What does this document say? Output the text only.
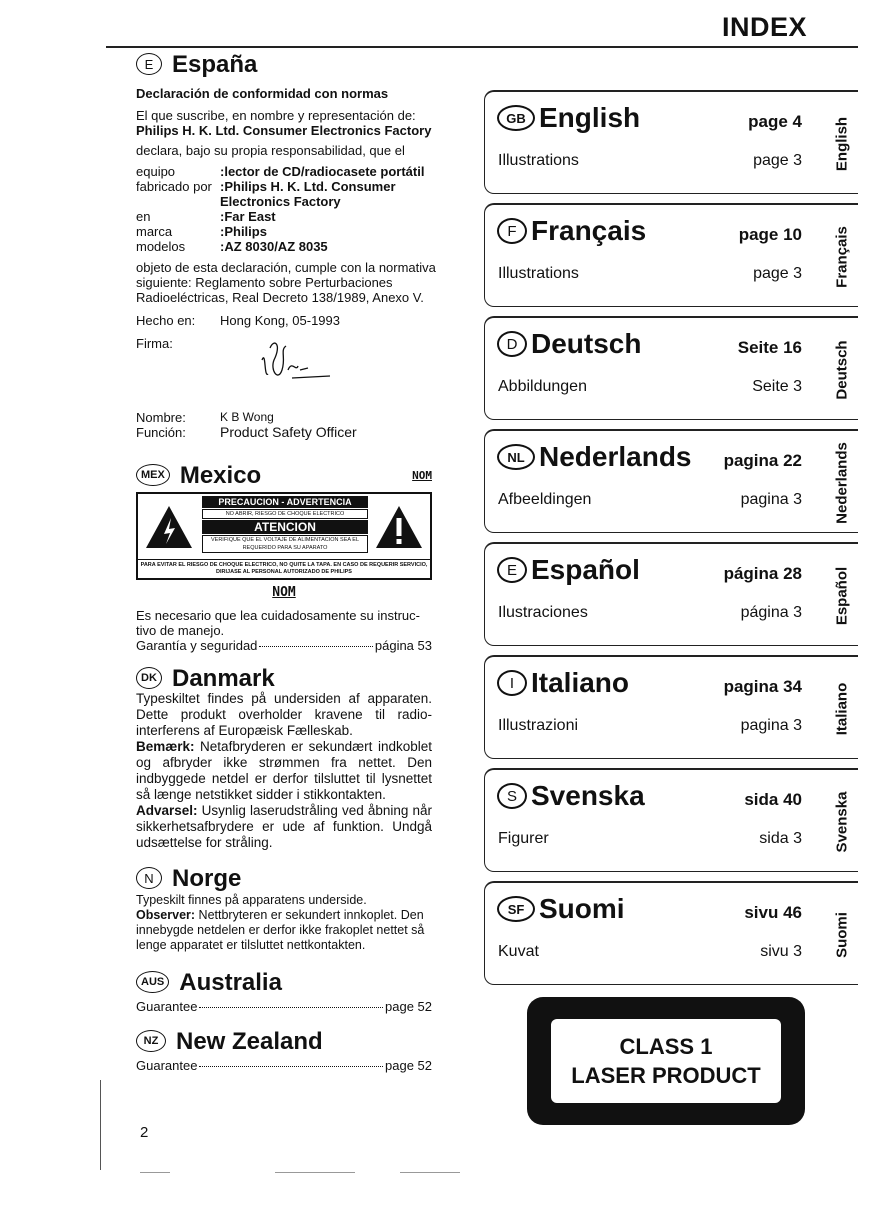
INDEX
E España
Declaración de conformidad con normas
El que suscribe, en nombre y representación de:
Philips H. K. Ltd. Consumer Electronics Factory
declara, bajo su propia responsabilidad, que el
equipo	:lector de CD/radiocasete portátil
fabricado por :Philips H. K. Ltd. Consumer
Electronics Factory
en	:Far East
marca	:Philips
modelos	:AZ 8030/AZ 8035
objeto de esta declaración, cumple con la normativa
siguiente: Reglamento sobre Perturbaciones
Radioeléctricas, Real Decreto 138/1989, Anexo V.
Hecho en:	Hong Kong, 05-1993
Firma:
Nombre:	K B Wong
Función:	Product Safety Officer
MEX Mexico	NOM
PRECAUCION - ADVERTENCIA
NO ABRIR, RIESGO DE CHOQUE ELECTRICO
ATENCION
VERIFIQUE QUE EL VOLTAJE DE ALIMENTACION SEA EL REQUERIDO PARA SU APARATO
PARA EVITAR EL RIESGO DE CHOQUE ELECTRICO, NO QUITE LA TAPA. EN CASO DE REQUERIR SERVICIO, DIRIJASE AL PERSONAL AUTORIZADO DE PHILIPS
NOM
Es necesario que lea cuidadosamente su instruc-
tivo de manejo.
Garantía y seguridad	página 53
DK Danmark
Typeskiltet findes på undersiden af apparaten. Dette produkt overholder kravene til radio-interferens af Europæisk Fælleskab.
Bemærk: Netafbryderen er sekundært indkoblet og afbryder ikke strømmen fra nettet. Den indbyggede netdel er derfor tilsluttet til lysnettet så længe netstikket sidder i stikkontakten.
Advarsel: Usynlig laserudstråling ved åbning når sikkerhetsafbrydere er ude af funktion. Undgå udsættelse for stråling.
N Norge
Typeskilt finnes på apparatens underside.
Observer: Nettbryteren er sekundert innkoplet. Den innebygde netdelen er derfor ikke frakoplet nettet så lenge apparatet er tilsluttet nettkontakten.
AUS Australia
Guarantee	page 52
NZ New Zealand
Guarantee	page 52
GB English	page 4
Illustrations	page 3 English
F Français	page 10
Illustrations	page 3 Français
D Deutsch	Seite 16
Abbildungen	Seite 3 Deutsch
NL Nederlands pagina 22
Afbeeldingen	pagina 3 Nederlands
E Español	página 28
Ilustraciones	página 3 Español
I Italiano	pagina 34
Illustrazioni	pagina 3 Italiano
S Svenska	sida 40
Figurer	sida 3 Svenska
SF Suomi	sivu 46
Kuvat	sivu 3 Suomi
CLASS 1
LASER PRODUCT
2
